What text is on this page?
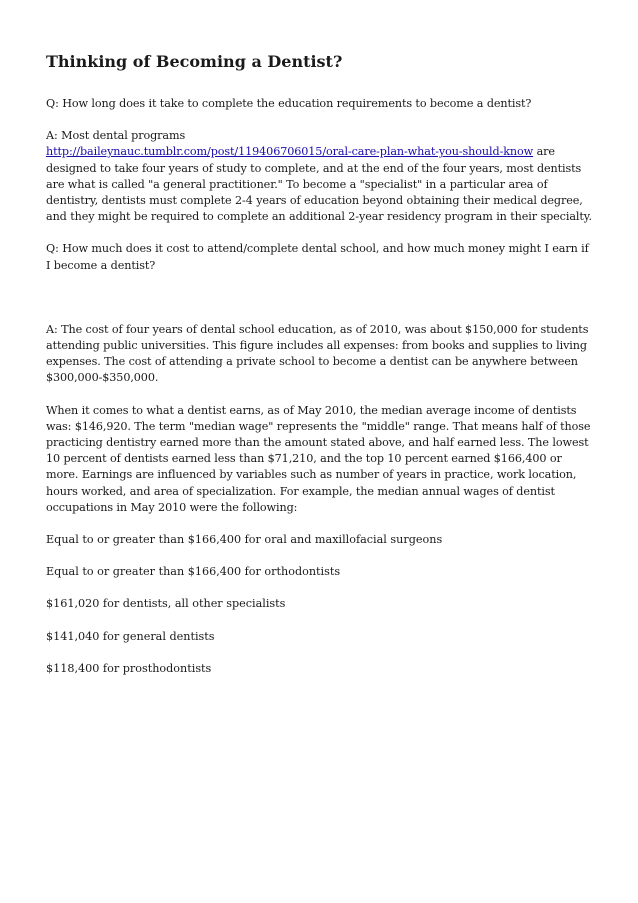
Thinking of Becoming a Dentist?

Q: How long does it take to complete the education requirements to become a dentist?

A: Most dental programs
http://baileynauc.tumblr.com/post/119406706015/oral-care-plan-what-you-should-know are designed to take four years of study to complete, and at the end of the four years, most dentists are what is called "a general practitioner." To become a "specialist" in a particular area of dentistry, dentists must complete 2-4 years of education beyond obtaining their medical degree, and they might be required to complete an additional 2-year residency program in their specialty.

Q: How much does it cost to attend/complete dental school, and how much money might I earn if I become a dentist?

A: The cost of four years of dental school education, as of 2010, was about $150,000 for students attending public universities. This figure includes all expenses: from books and supplies to living expenses. The cost of attending a private school to become a dentist can be anywhere between $300,000-$350,000.

When it comes to what a dentist earns, as of May 2010, the median average income of dentists was: $146,920. The term "median wage" represents the "middle" range. That means half of those practicing dentistry earned more than the amount stated above, and half earned less. The lowest 10 percent of dentists earned less than $71,210, and the top 10 percent earned $166,400 or more. Earnings are influenced by variables such as number of years in practice, work location, hours worked, and area of specialization. For example, the median annual wages of dentist occupations in May 2010 were the following:

Equal to or greater than $166,400 for oral and maxillofacial surgeons

Equal to or greater than $166,400 for orthodontists

$161,020 for dentists, all other specialists

$141,040 for general dentists

$118,400 for prosthodontists
